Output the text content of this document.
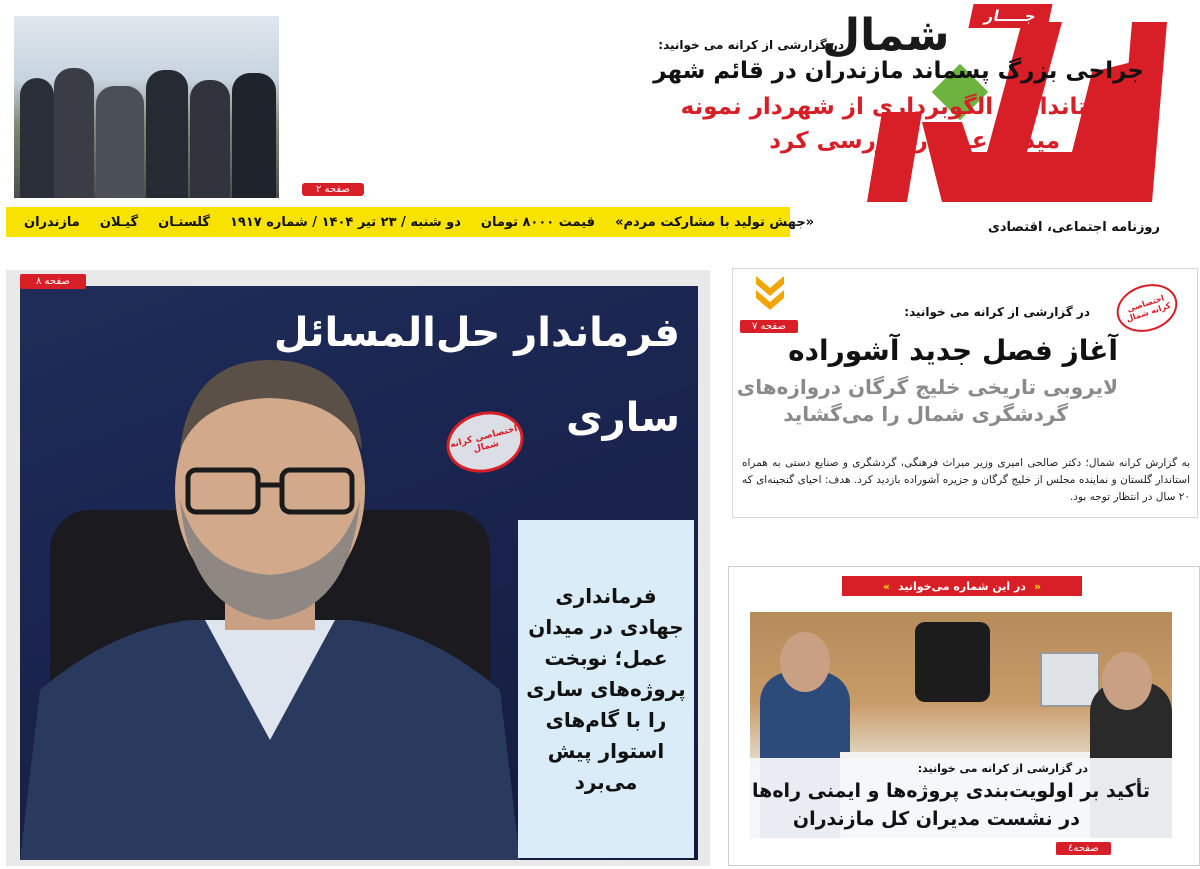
شمال
روزنامه اجتماعی، اقتصادی
جـــــار
در گزارشی از کرانه می خوانید:
جراحی بزرگ پسماند مازندران در قائم شهر
استاندار با الگوبرداری از شهردار نمونه
میدان عمل را بررسی کرد
صفحه ۲
مازندران گیـلان گلستـان دو شنبه / ۲۳ تیر ۱۴۰۴ / شماره ۱۹۱۷ قیمت ۸۰۰۰ تومان «جهش تولید با مشارکت مردم»
صفحه ۸
فرماندار حل‌المسائل
ساری
اختصاصی کرانه شمال
فرمانداری جهادی در میدان عمل؛ نوبخت پروژه‌های ساری را با گام‌های استوار پیش می‌برد
صفحه ۷
اختصاصی کرانه شمال
در گزارشی از کرانه می خوانید:
آغاز فصل جدید آشوراده
لایروبی تاریخی خلیج گرگان دروازه‌های
گردشگری شمال را می‌گشاید
به گزارش کرانه شمال؛ دکتر صالحی امیری وزیر میراث فرهنگی، گردشگری و صنایع دستی به همراه استاندار گلستان و نماینده مجلس از خلیج گرگان و جزیره آشوراده بازدید کرد. هدف: احیای گنجینه‌ای که ۲۰ سال در انتظار توجه بود.
«
در این شماره می‌خوانید
»
در گزارشی از کرانه می خوانید:
تأکید بر اولویت‌بندی پروژه‌ها و ایمنی راه‌ها
در نشست مدیران کل مازندران
صفحه٤
